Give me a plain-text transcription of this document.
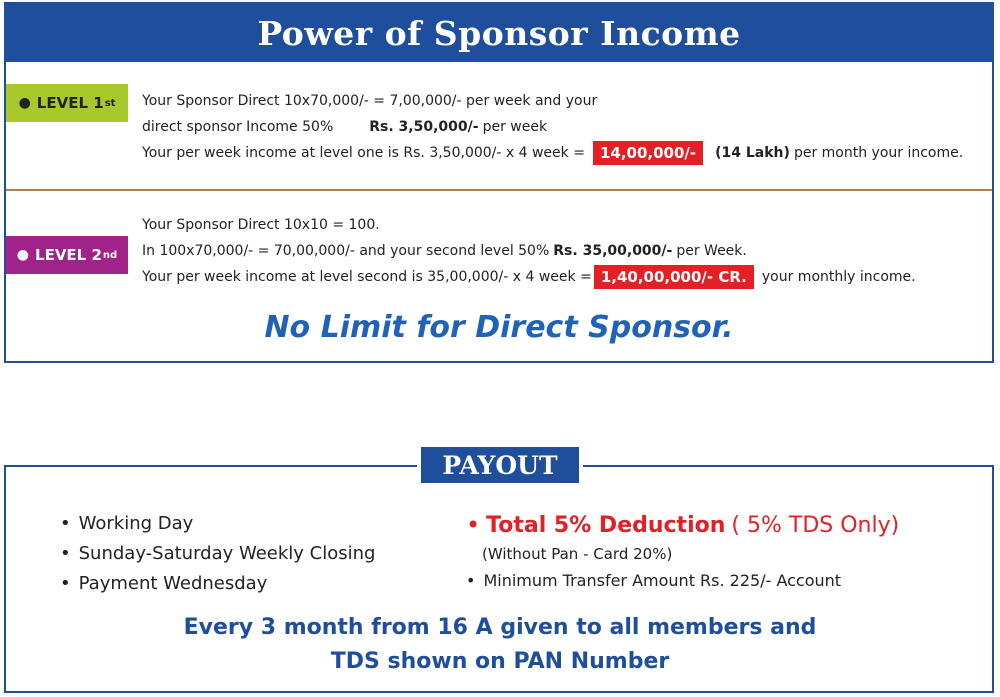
Power of Sponsor Income
● LEVEL 1 st Your Sponsor Direct 10x70,000/- = 7,00,000/- per week and your
direct sponsor Income 50%	Rs. 3,50,000/- per week
Your per week income at level one is Rs. 3,50,000/- x 4 week =	14,00,000/-	(14 Lakh) per month your income.
● LEVEL 2 nd
Your Sponsor Direct 10x10 = 100.
In 100x70,000/- = 70,00,000/- and your second level 50% Rs. 35,00,000/- per Week.
Your per week income at level second is 35,00,000/- x 4 week = 1,40,00,000/- CR.	your monthly income.
No Limit for Direct Sponsor.
PAYOUT
• Working Day
• Sunday-Saturday Weekly Closing
• Payment Wednesday
• Total 5% Deduction ( 5% TDS Only)
(Without Pan - Card 20%)
• Minimum Transfer Amount Rs. 225/- Account
Every 3 month from 16 A given to all members and
TDS shown on PAN Number
